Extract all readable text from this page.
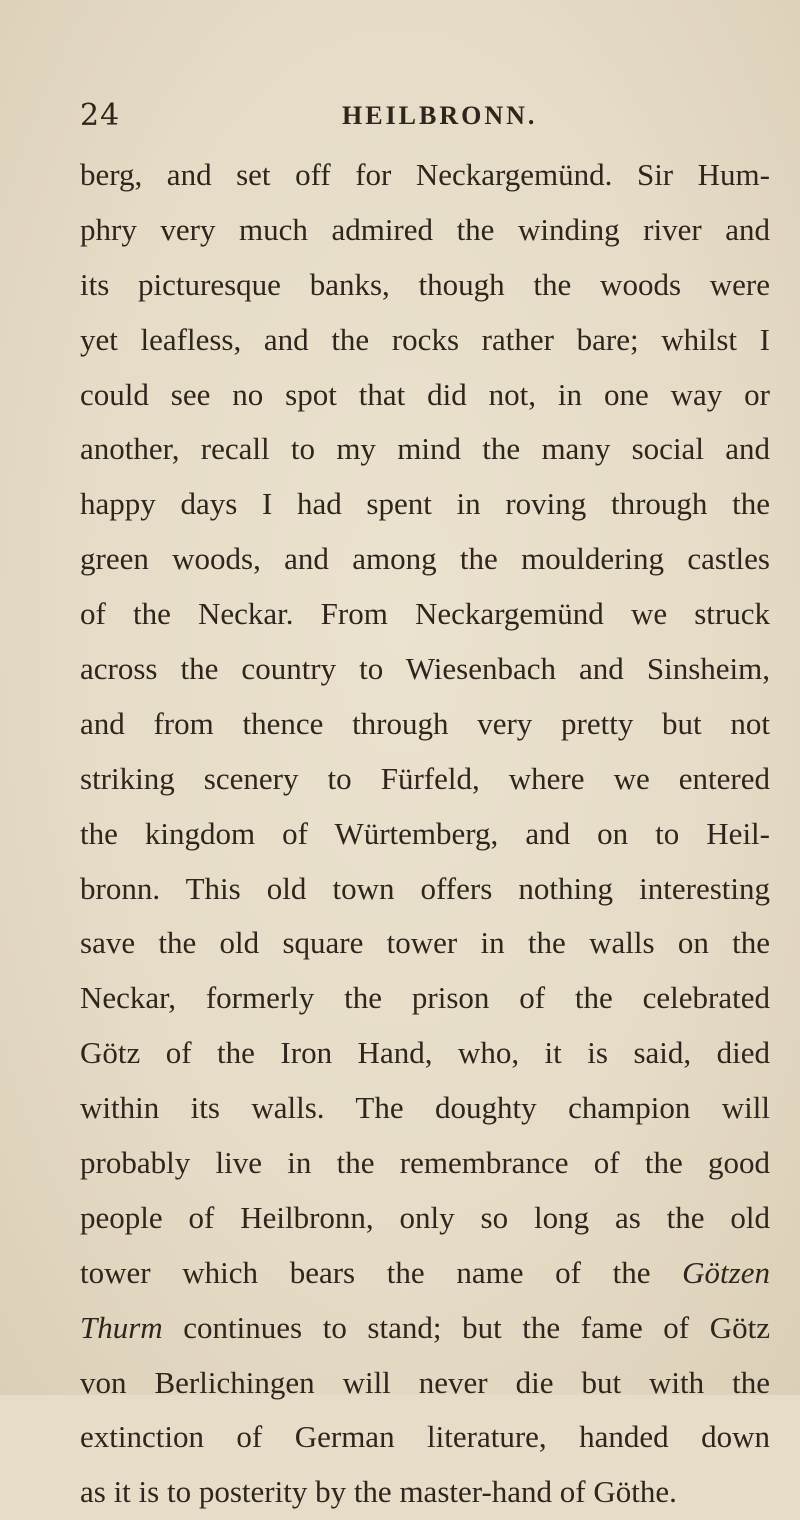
24	HEILBRONN.
berg, and set off for Neckargemünd. Sir Hum-
phry very much admired the winding river and
its picturesque banks, though the woods were
yet leafless, and the rocks rather bare; whilst I
could see no spot that did not, in one way or
another, recall to my mind the many social and
happy days I had spent in roving through the
green woods, and among the mouldering castles
of the Neckar. From Neckargemünd we struck
across the country to Wiesenbach and Sinsheim,
and from thence through very pretty but not
striking scenery to Fürfeld, where we entered
the kingdom of Würtemberg, and on to Heil-
bronn. This old town offers nothing interesting
save the old square tower in the walls on the
Neckar, formerly the prison of the celebrated
Götz of the Iron Hand, who, it is said, died
within its walls. The doughty champion will
probably live in the remembrance of the good
people of Heilbronn, only so long as the old
tower which bears the name of the Götzen
Thurm continues to stand; but the fame of Götz
von Berlichingen will never die but with the
extinction of German literature, handed down
as it is to posterity by the master-hand of Göthe.
